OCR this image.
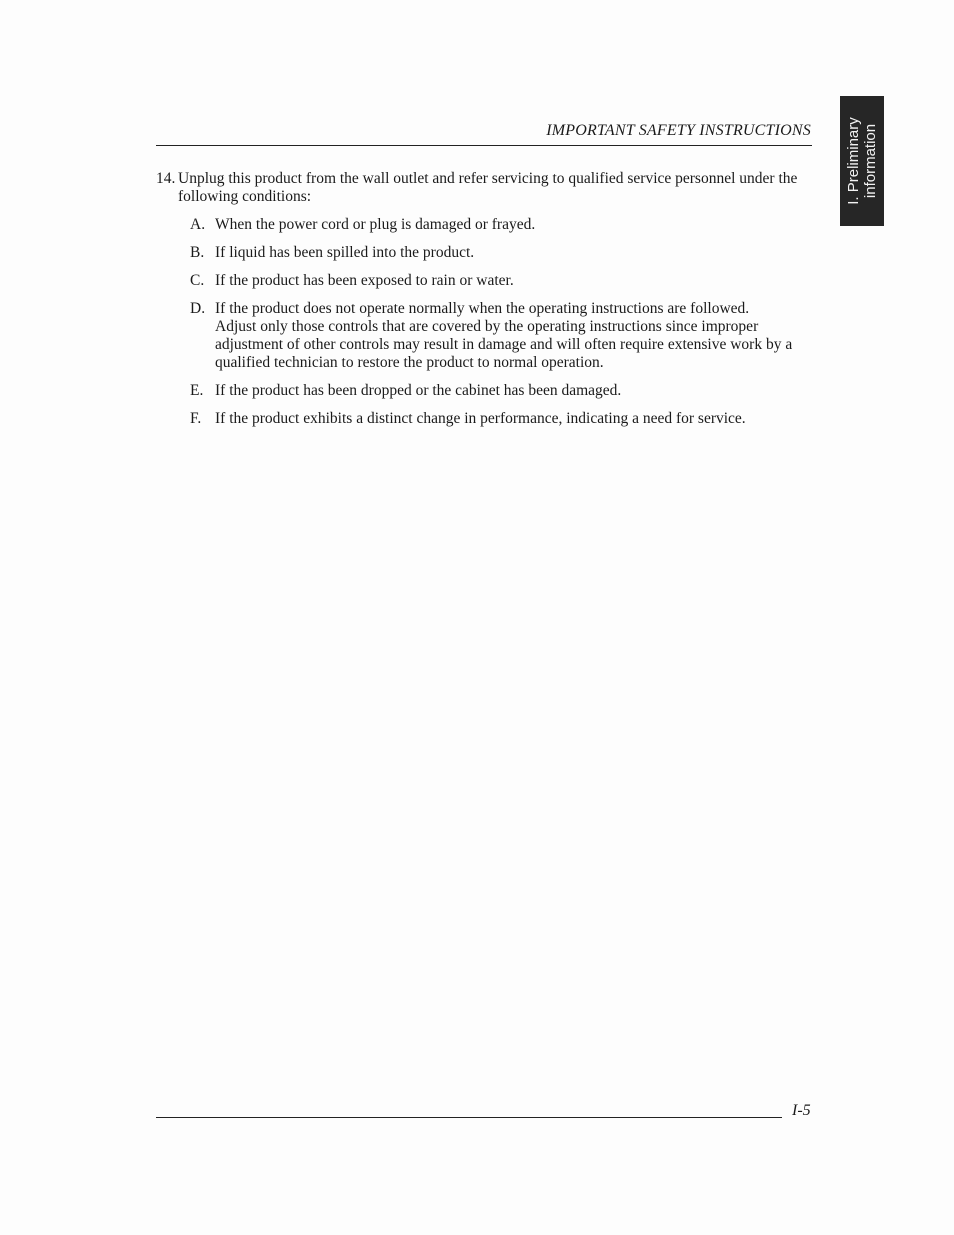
IMPORTANT SAFETY INSTRUCTIONS I. Preliminary information
14. Unplug this product from the wall outlet and refer servicing to qualified service personnel under the following conditions:
A. When the power cord or plug is damaged or frayed.
B. If liquid has been spilled into the product.
C. If the product has been exposed to rain or water.
D. If the product does not operate normally when the operating instructions are followed.
Adjust only those controls that are covered by the operating instructions since improper adjustment of other controls may result in damage and will often require extensive work by a qualified technician to restore the product to normal operation.
E. If the product has been dropped or the cabinet has been damaged.
F. If the product exhibits a distinct change in performance, indicating a need for service.
I-5
